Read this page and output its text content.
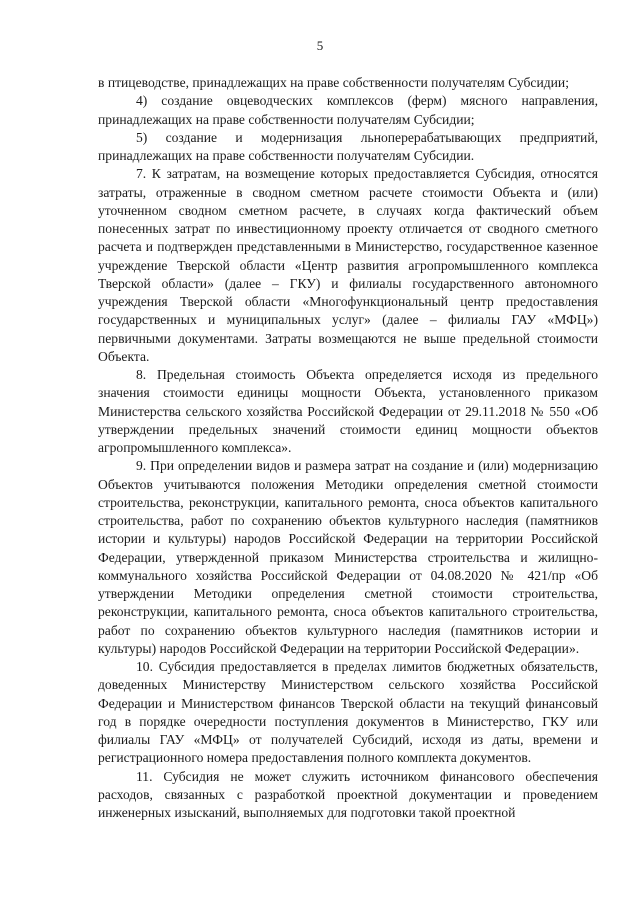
5

в птицеводстве, принадлежащих на праве собственности получателям Субсидии;

4) создание овцеводческих комплексов (ферм) мясного направления, принадлежащих на праве собственности получателям Субсидии;

5) создание и модернизация льноперерабатывающих предприятий, принадлежащих на праве собственности получателям Субсидии.

7. К затратам, на возмещение которых предоставляется Субсидия, относятся затраты, отраженные в сводном сметном расчете стоимости Объекта и (или) уточненном сводном сметном расчете, в случаях когда фактический объем понесенных затрат по инвестиционному проекту отличается от сводного сметного расчета и подтвержден представленными в Министерство, государственное казенное учреждение Тверской области «Центр развития агропромышленного комплекса Тверской области» (далее – ГКУ) и филиалы государственного автономного учреждения Тверской области «Многофункциональный центр предоставления государственных и муниципальных услуг» (далее – филиалы ГАУ «МФЦ») первичными документами. Затраты возмещаются не выше предельной стоимости Объекта.

8. Предельная стоимость Объекта определяется исходя из предельного значения стоимости единицы мощности Объекта, установленного приказом Министерства сельского хозяйства Российской Федерации от 29.11.2018 № 550 «Об утверждении предельных значений стоимости единиц мощности объектов агропромышленного комплекса».

9. При определении видов и размера затрат на создание и (или) модернизацию Объектов учитываются положения Методики определения сметной стоимости строительства, реконструкции, капитального ремонта, сноса объектов капитального строительства, работ по сохранению объектов культурного наследия (памятников истории и культуры) народов Российской Федерации на территории Российской Федерации, утвержденной приказом Министерства строительства и жилищно-коммунального хозяйства Российской Федерации от 04.08.2020 № 421/пр «Об утверждении Методики определения сметной стоимости строительства, реконструкции, капитального ремонта, сноса объектов капитального строительства, работ по сохранению объектов культурного наследия (памятников истории и культуры) народов Российской Федерации на территории Российской Федерации».

10. Субсидия предоставляется в пределах лимитов бюджетных обязательств, доведенных Министерству Министерством сельского хозяйства Российской Федерации и Министерством финансов Тверской области на текущий финансовый год в порядке очередности поступления документов в Министерство, ГКУ или филиалы ГАУ «МФЦ» от получателей Субсидий, исходя из даты, времени и регистрационного номера предоставления полного комплекта документов.

11. Субсидия не может служить источником финансового обеспечения расходов, связанных с разработкой проектной документации и проведением инженерных изысканий, выполняемых для подготовки такой проектной
